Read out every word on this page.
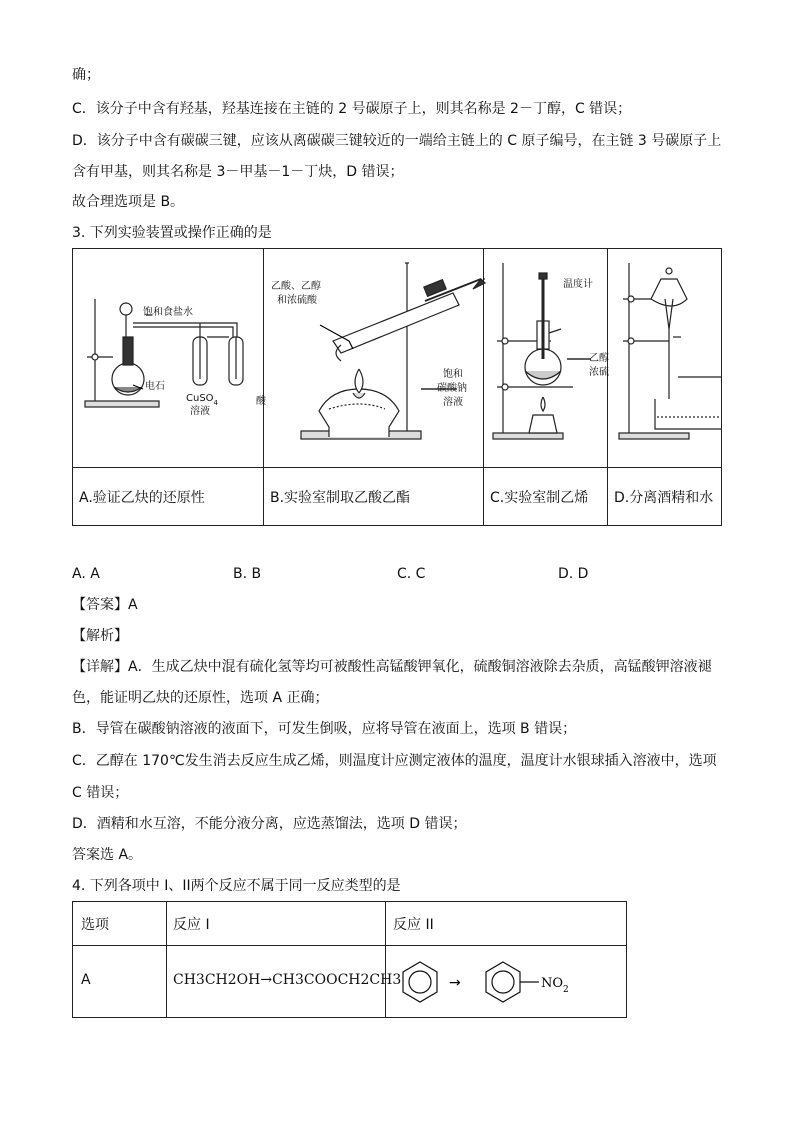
确；
C．该分子中含有羟基，羟基连接在主链的 2 号碳原子上，则其名称是 2－丁醇，C 错误；
D．该分子中含有碳碳三键，应该从离碳碳三键较近的一端给主链上的 C 原子编号，在主链 3 号碳原子上
含有甲基，则其名称是 3－甲基－1－丁炔，D 错误；
故合理选项是 B。
3. 下列实验装置或操作正确的是
饱和食盐水
电石
CuSO$_4$
溶液
酸
乙酸、乙醇
和浓硫酸
饱和
碳酸钠
溶液
温度计
乙醇
浓硫
A.验证乙炔的还原性	B.实验室制取乙酸乙酯	C.实验室制乙烯	D.分离酒精和水
A. A	B. B	C. C	D. D
【答案】A
【解析】
【详解】A．生成乙炔中混有硫化氢等均可被酸性高锰酸钾氧化，硫酸铜溶液除去杂质，高锰酸钾溶液褪
色，能证明乙炔的还原性，选项 A 正确；
B．导管在碳酸钠溶液的液面下，可发生倒吸，应将导管在液面上，选项 B 错误；
C．乙醇在 170℃发生消去反应生成乙烯，则温度计应测定液体的温度，温度计水银球插入溶液中，选项
C 错误；
D．酒精和水互溶，不能分液分离，应选蒸馏法，选项 D 错误；
答案选 A。
4. 下列各项中 I、II两个反应不属于同一反应类型的是
选项	反应 I	反应 II
A	CH3CH2OH→CH3COOCH2CH3	→	$NO_2$
